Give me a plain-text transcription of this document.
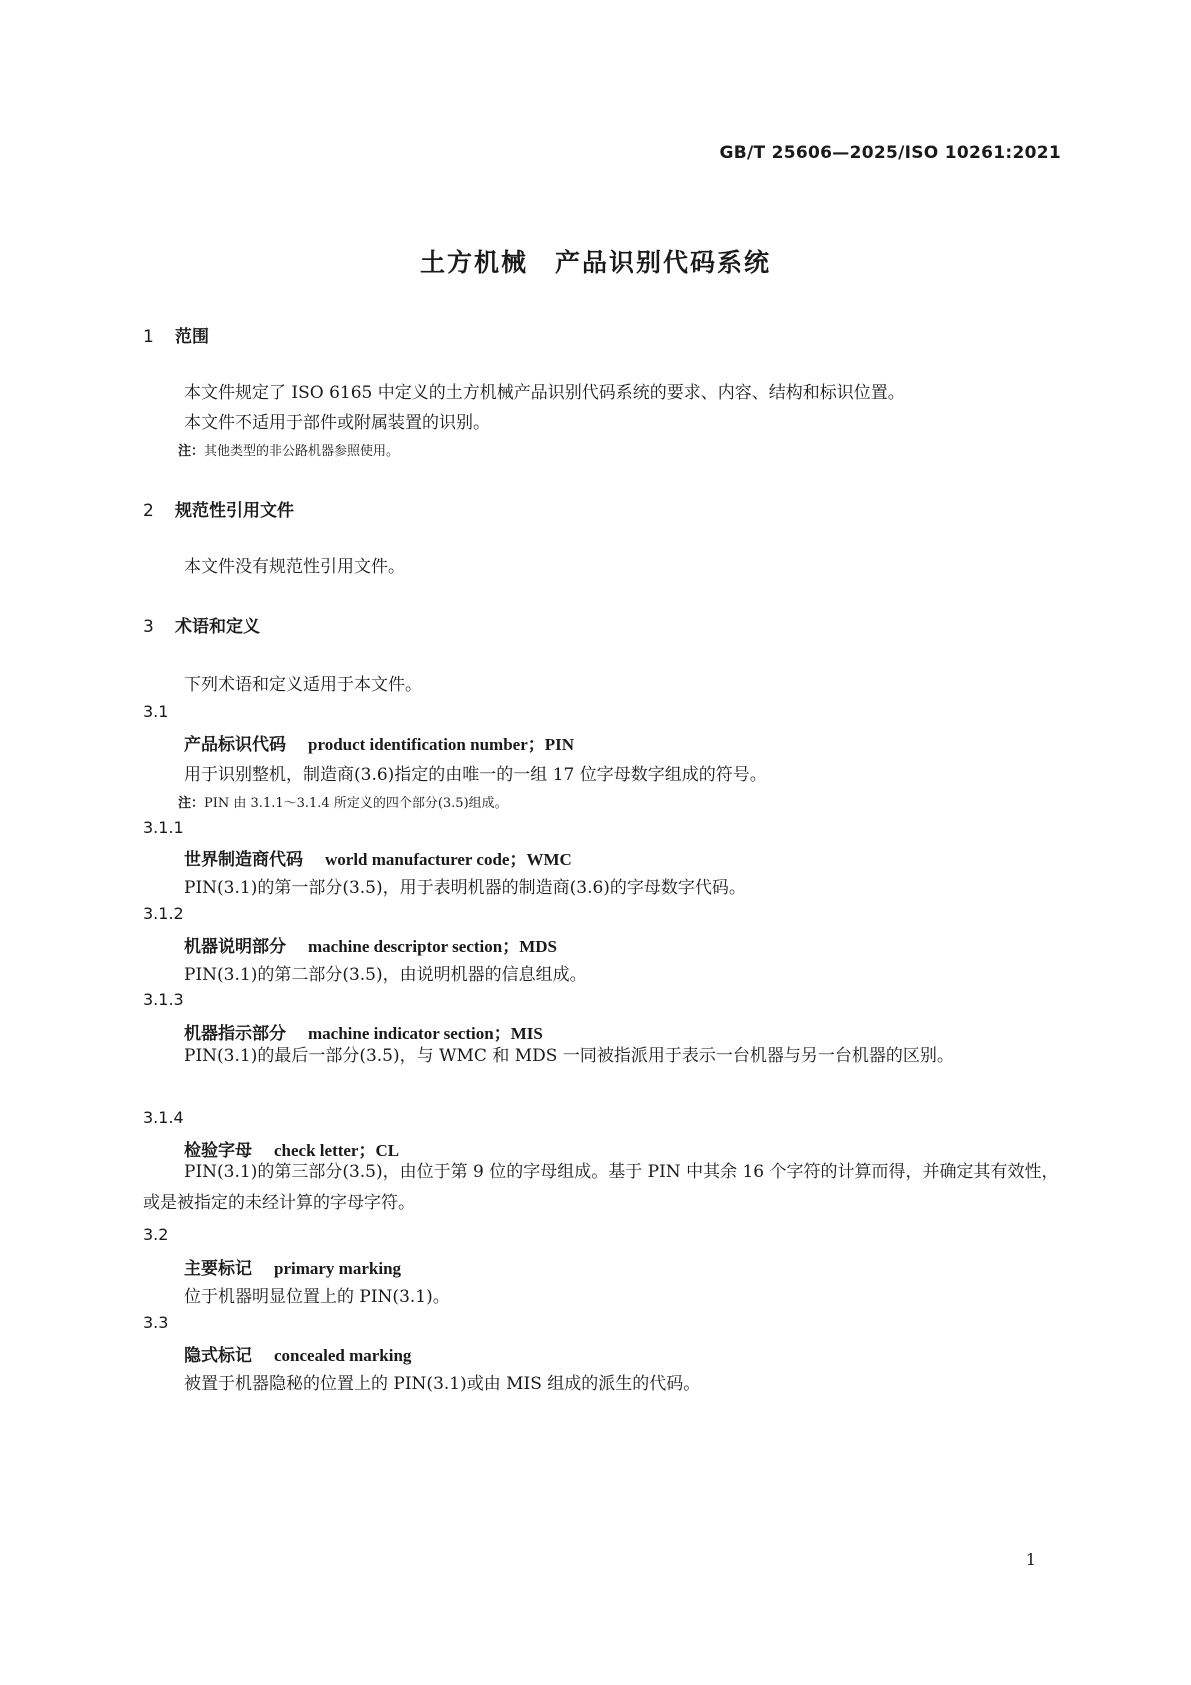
GB/T 25606—2025/ISO 10261:2021
土方机械　产品识别代码系统
1 范围
本文件规定了 ISO 6165 中定义的土方机械产品识别代码系统的要求、内容、结构和标识位置。
本文件不适用于部件或附属装置的识别。
注：其他类型的非公路机器参照使用。
2 规范性引用文件
本文件没有规范性引用文件。
3 术语和定义
下列术语和定义适用于本文件。
3.1
产品标识代码 product identification number；PIN
用于识别整机，制造商(3.6)指定的由唯一的一组 17 位字母数字组成的符号。
注：PIN 由 3.1.1～3.1.4 所定义的四个部分(3.5)组成。
3.1.1
世界制造商代码 world manufacturer code；WMC
PIN(3.1)的第一部分(3.5)，用于表明机器的制造商(3.6)的字母数字代码。
3.1.2
机器说明部分 machine descriptor section；MDS
PIN(3.1)的第二部分(3.5)，由说明机器的信息组成。
3.1.3
机器指示部分 machine indicator section；MIS
PIN(3.1)的最后一部分(3.5)，与 WMC 和 MDS 一同被指派用于表示一台机器与另一台机器的区别。
3.1.4
检验字母 check letter；CL
PIN(3.1)的第三部分(3.5)，由位于第 9 位的字母组成。基于 PIN 中其余 16 个字符的计算而得，并确定其有效性，或是被指定的未经计算的字母字符。
3.2
主要标记 primary marking
位于机器明显位置上的 PIN(3.1)。
3.3
隐式标记 concealed marking
被置于机器隐秘的位置上的 PIN(3.1)或由 MIS 组成的派生的代码。
1
